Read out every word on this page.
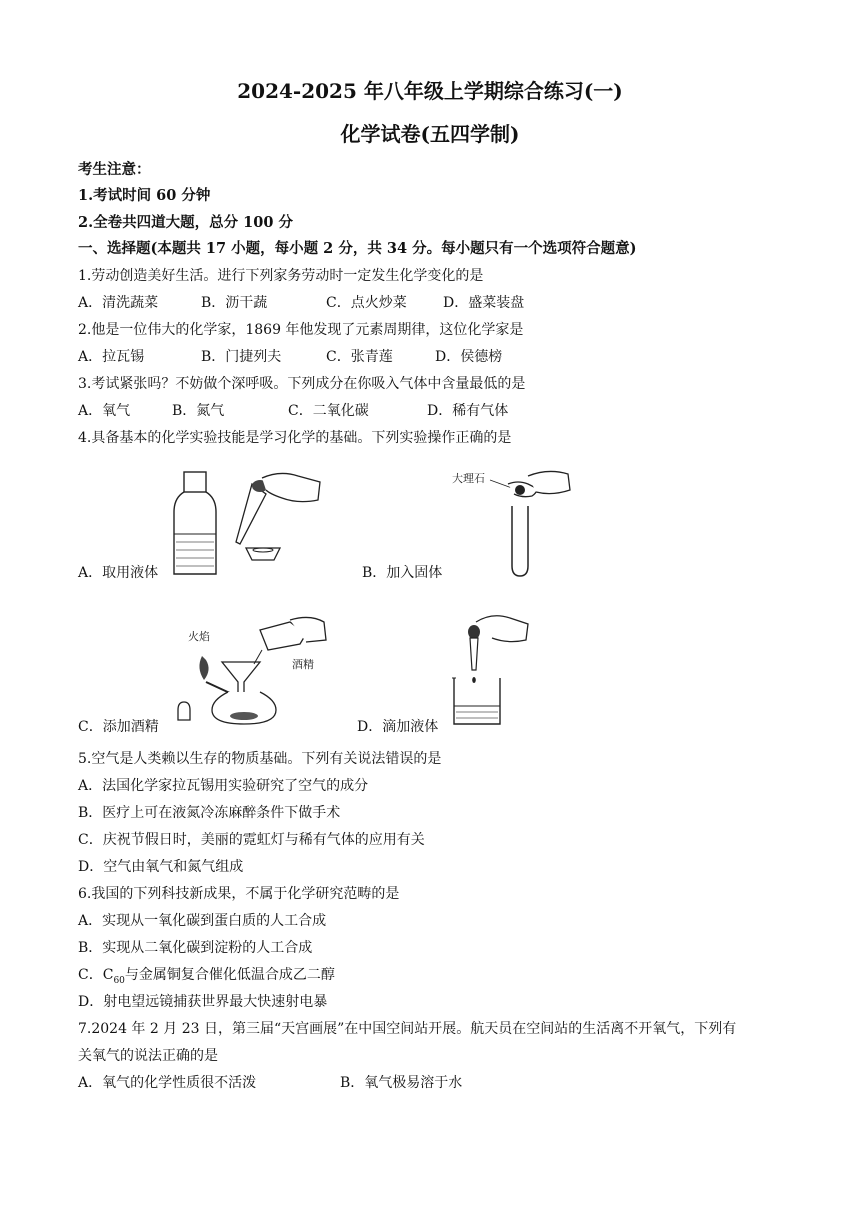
2024-2025 年八年级上学期综合练习(一)
化学试卷(五四学制)
考生注意：
1.考试时间 60 分钟
2.全卷共四道大题，总分 100 分
一、选择题(本题共 17 小题，每小题 2 分，共 34 分。每小题只有一个选项符合题意)
1.劳动创造美好生活。进行下列家务劳动时一定发生化学变化的是
A．清洗蔬菜	B．沥干蔬	C．点火炒菜	D．盛菜装盘
2.他是一位伟大的化学家，1869 年他发现了元素周期律，这位化学家是
A．拉瓦锡	B．门捷列夫	C．张青莲	D．侯德榜
3.考试紧张吗？不妨做个深呼吸。下列成分在你吸入气体中含量最低的是
A．氧气	B．氮气	C．二氧化碳	D．稀有气体
4.具备基本的化学实验技能是学习化学的基础。下列实验操作正确的是
A．取用液体
大理石
B．加入固体
火焰
酒精
C．添加酒精	D．滴加液体
5.空气是人类赖以生存的物质基础。下列有关说法错误的是
A．法国化学家拉瓦锡用实验研究了空气的成分
B．医疗上可在液氮冷冻麻醉条件下做手术
C．庆祝节假日时，美丽的霓虹灯与稀有气体的应用有关
D．空气由氧气和氮气组成
6.我国的下列科技新成果，不属于化学研究范畴的是
A．实现从一氧化碳到蛋白质的人工合成
B．实现从二氧化碳到淀粉的人工合成
C．$C_{60}$与金属铜复合催化低温合成乙二醇
D．射电望远镜捕获世界最大快速射电暴
7.2024 年 2 月 23 日，第三届“天宫画展”在中国空间站开展。航天员在空间站的生活离不开氧气，下列有
关氧气的说法正确的是
A．氧气的化学性质很不活泼	B．氧气极易溶于水
